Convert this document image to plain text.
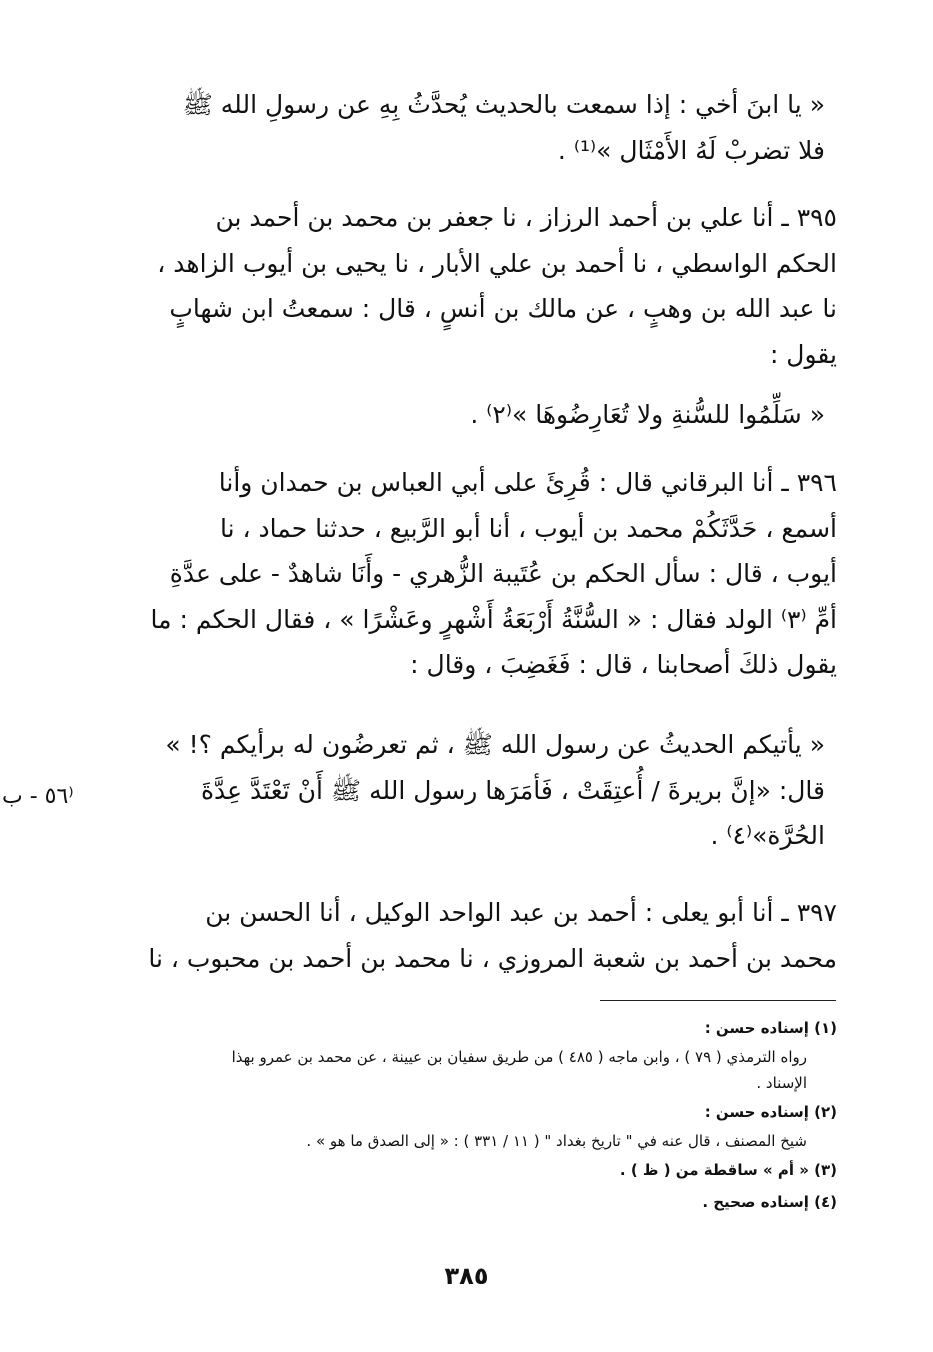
« يا ابنَ أخي : إذا سمعت بالحديث يُحدَّثُ بِهِ عن رسولِ الله ﷺ
فلا تضربْ لَهُ الأَمْثَال »⁽¹⁾ .

٣٩٥ ـ أنا علي بن أحمد الرزاز ، نا جعفر بن محمد بن أحمد بن
الحكم الواسطي ، نا أحمد بن علي الأبار ، نا يحيى بن أيوب الزاهد ،
نا عبد الله بن وهبٍ ، عن مالك بن أنسٍ ، قال : سمعتُ ابن شهابٍ
يقول :

« سَلِّمُوا للسُّنةِ ولا تُعَارِضُوهَا »⁽٢⁾ .

٣٩٦ ـ أنا البرقاني قال : قُرِئَ على أبي العباس بن حمدان وأنا
أسمع ، حَدَّثَكُمْ محمد بن أيوب ، أنا أبو الرَّبيع ، حدثنا حماد ، نا
أيوب ، قال : سأل الحكم بن عُتَيبة الزُّهري - وأَنَا شاهدٌ - على عدَّةِ
أمِّ ⁽٣⁾ الولد فقال : « السُّنَّةُ أَرْبَعَةُ أَشْهرٍ وعَشْرًا » ، فقال الحكم : ما
يقول ذلكَ أصحابنا ، قال : فَغَضِبَ ، وقال :

« يأتيكم الحديثُ عن رسول الله ﷺ ، ثم تعرضُون له برأيكم ؟! »
قال: «إنَّ بريرةَ / أُعتِقَتْ ، فَأمَرَها رسول الله ﷺ أَنْ تَعْتَدَّ عِدَّةَ
الحُرَّة»⁽٤⁾ .

⁽٥٦ - ب

٣٩٧ ـ أنا أبو يعلى : أحمد بن عبد الواحد الوكيل ، أنا الحسن بن
محمد بن أحمد بن شعبة المروزي ، نا محمد بن أحمد بن محبوب ، نا

(١) إسناده حسن :

رواه الترمذي ( ٧٩ ) ، وابن ماجه ( ٤٨٥ ) من طريق سفيان بن عيينة ، عن محمد بن عمرو بهذا

الإسناد .

(٢) إسناده حسن :

شيخ المصنف ، قال عنه في " تاريخ بغداد " ( ١١ / ٣٣١ ) : « إلى الصدق ما هو » .

(٣) « أم » ساقطة من ( ظ ) .

(٤) إسناده صحيح .

٣٨٥
